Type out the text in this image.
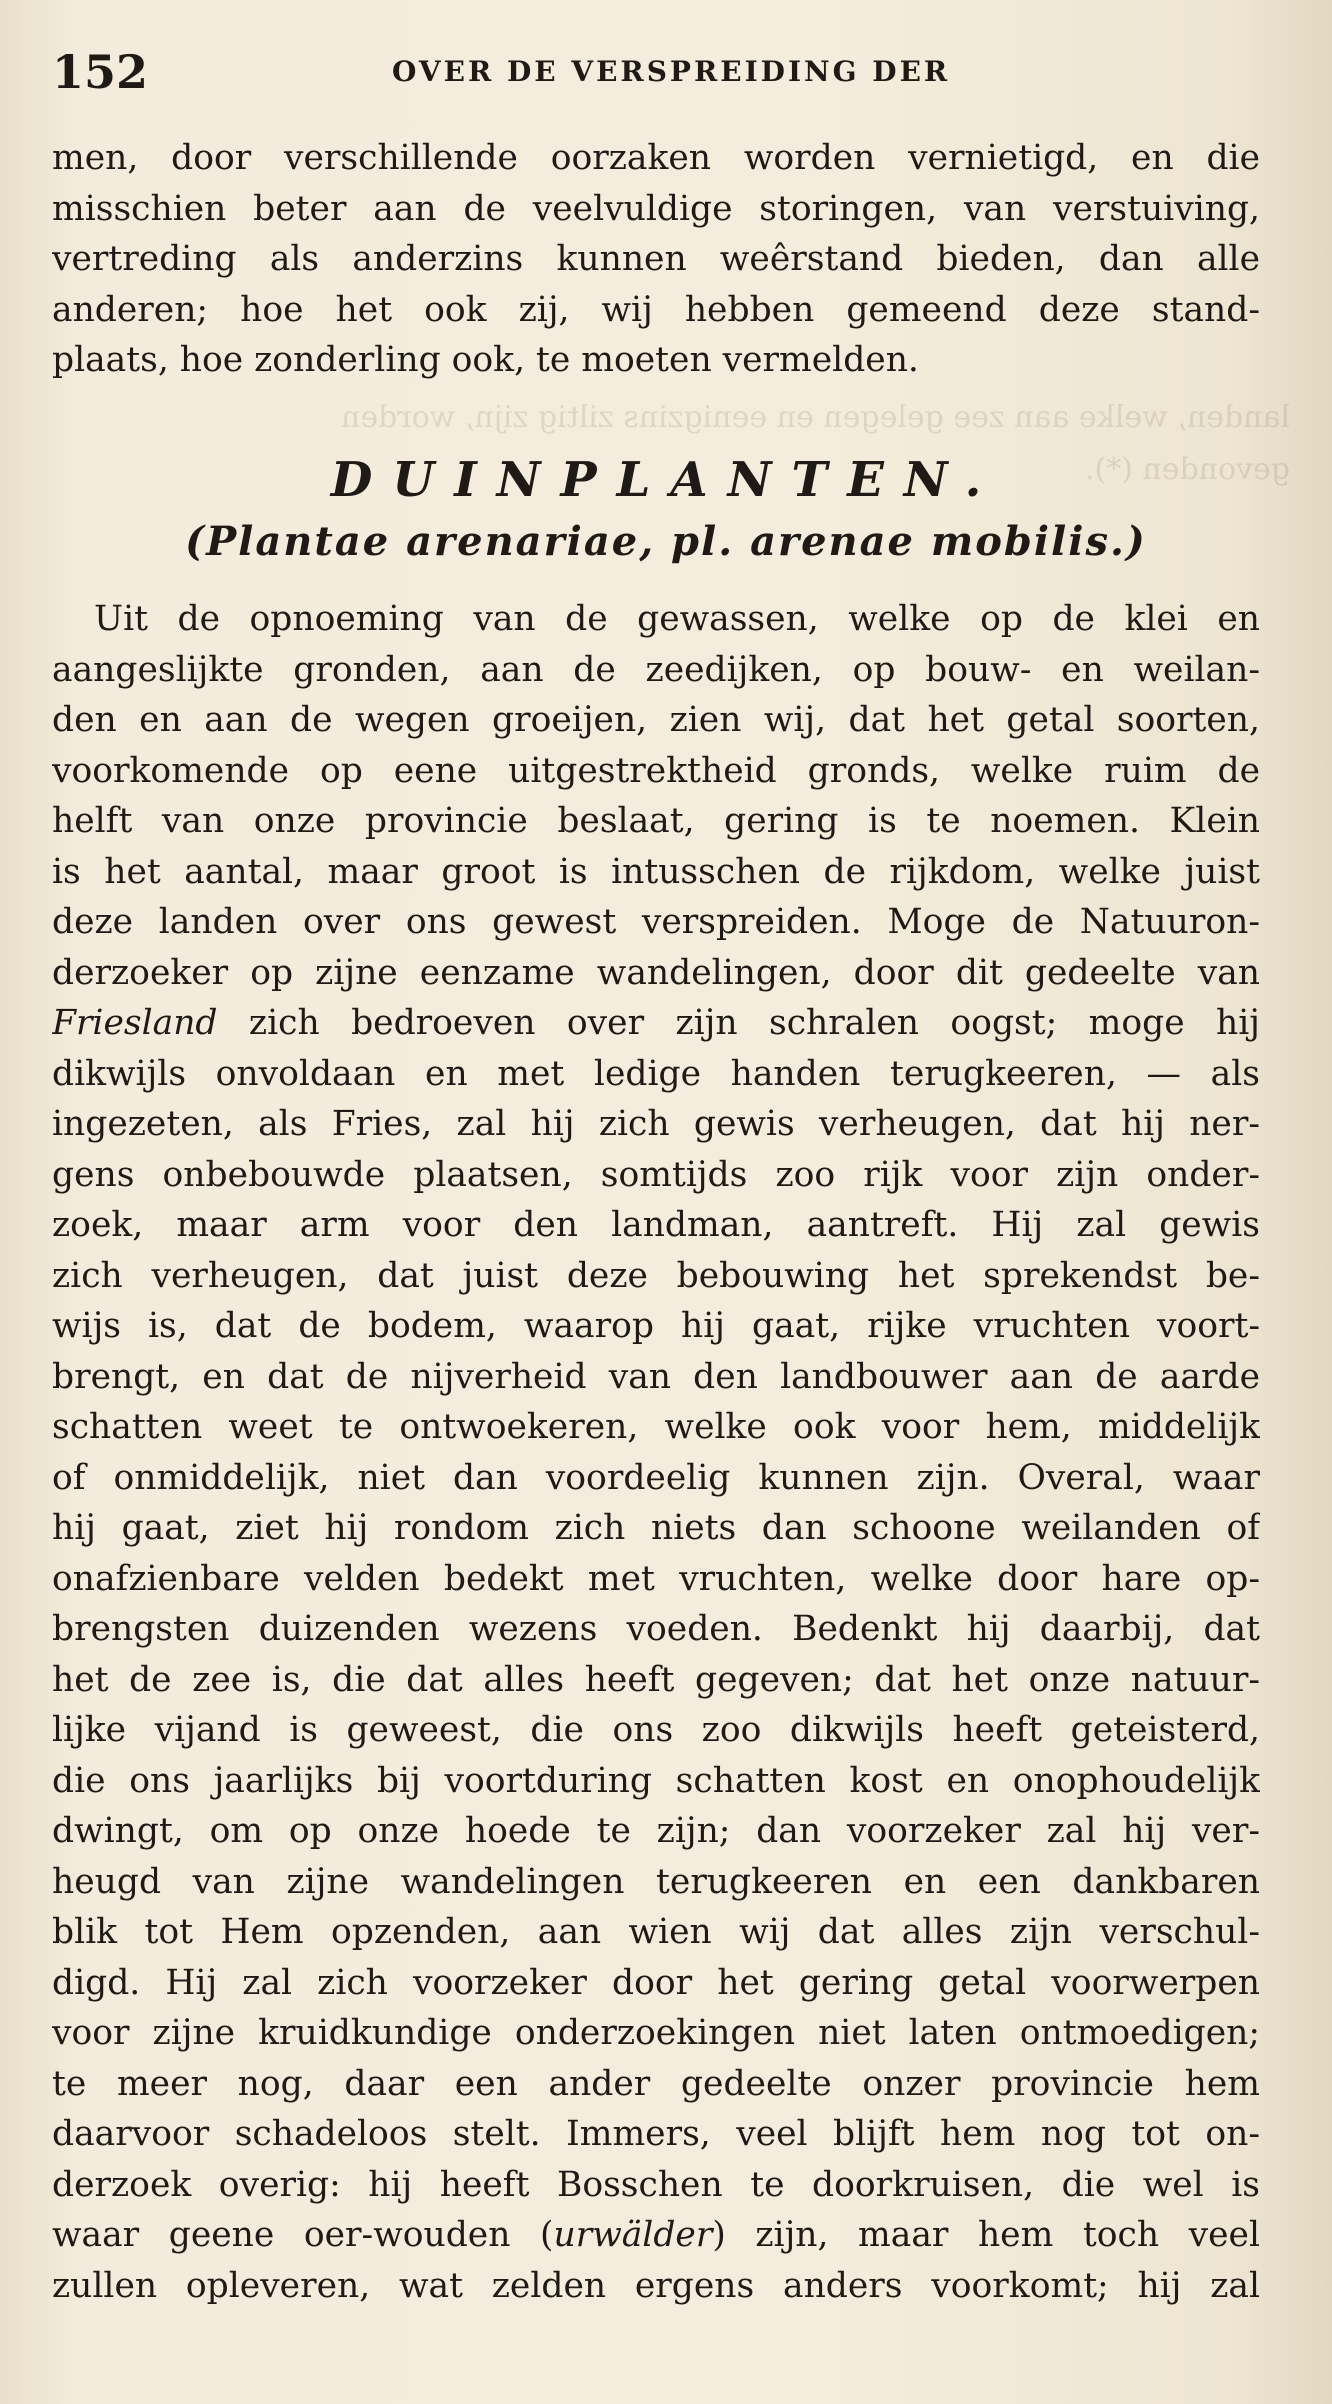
152	OVER DE VERSPREIDING DER
landen, welke aan zee gelegen en eenigzins ziltig zijn, worden
gevonden (*).
men, door verschillende oorzaken worden vernietigd, en die
misschien beter aan de veelvuldige storingen, van verstuiving,
vertreding als anderzins kunnen weêrstand bieden, dan alle
anderen; hoe het ook zij, wij hebben gemeend deze stand-
plaats, hoe zonderling ook, te moeten vermelden.
DUINPLANTEN.
(Plantae arenariae, pl. arenae mobilis.)
Uit de opnoeming van de gewassen, welke op de klei en
aangeslijkte gronden, aan de zeedijken, op bouw- en weilan-
den en aan de wegen groeijen, zien wij, dat het getal soorten,
voorkomende op eene uitgestrektheid gronds, welke ruim de
helft van onze provincie beslaat, gering is te noemen. Klein
is het aantal, maar groot is intusschen de rijkdom, welke juist
deze landen over ons gewest verspreiden. Moge de Natuuron-
derzoeker op zijne eenzame wandelingen, door dit gedeelte van
Friesland zich bedroeven over zijn schralen oogst; moge hij
dikwijls onvoldaan en met ledige handen terugkeeren, — als
ingezeten, als Fries, zal hij zich gewis verheugen, dat hij ner-
gens onbebouwde plaatsen, somtijds zoo rijk voor zijn onder-
zoek, maar arm voor den landman, aantreft. Hij zal gewis
zich verheugen, dat juist deze bebouwing het sprekendst be-
wijs is, dat de bodem, waarop hij gaat, rijke vruchten voort-
brengt, en dat de nijverheid van den landbouwer aan de aarde
schatten weet te ontwoekeren, welke ook voor hem, middelijk
of onmiddelijk, niet dan voordeelig kunnen zijn. Overal, waar
hij gaat, ziet hij rondom zich niets dan schoone weilanden of
onafzienbare velden bedekt met vruchten, welke door hare op-
brengsten duizenden wezens voeden. Bedenkt hij daarbij, dat
het de zee is, die dat alles heeft gegeven; dat het onze natuur-
lijke vijand is geweest, die ons zoo dikwijls heeft geteisterd,
die ons jaarlijks bij voortduring schatten kost en onophoudelijk
dwingt, om op onze hoede te zijn; dan voorzeker zal hij ver-
heugd van zijne wandelingen terugkeeren en een dankbaren
blik tot Hem opzenden, aan wien wij dat alles zijn verschul-
digd. Hij zal zich voorzeker door het gering getal voorwerpen
voor zijne kruidkundige onderzoekingen niet laten ontmoedigen;
te meer nog, daar een ander gedeelte onzer provincie hem
daarvoor schadeloos stelt. Immers, veel blijft hem nog tot on-
derzoek overig: hij heeft Bosschen te doorkruisen, die wel is
waar geene oer-wouden (urwälder) zijn, maar hem toch veel
zullen opleveren, wat zelden ergens anders voorkomt; hij zal
